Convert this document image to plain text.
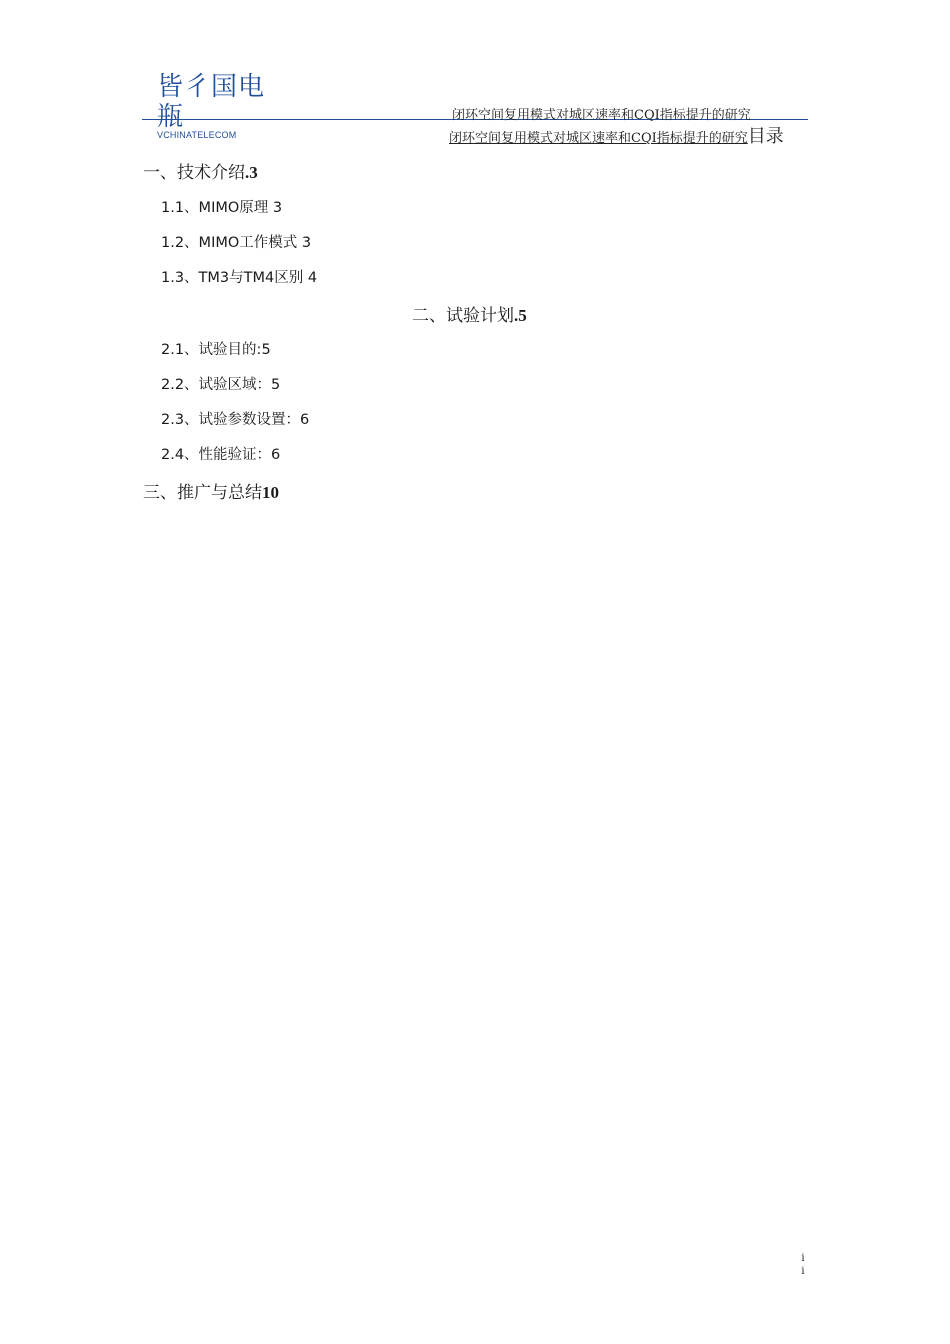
皆彳国电瓶
VCHINATELECOM
闭环空间复用模式对城区速率和CQI指标提升的研究
闭环空间复用模式对城区速率和CQI指标提升的研究目录
一、技术介绍.3
1.1、MIMO原理 3
1.2、MIMO工作模式 3
1.3、TM3与TM4区别 4
二、试验计划.5
2.1、试验目的:5
2.2、试验区域：5
2.3、试验参数设置：6
2.4、性能验证：6
三、推广与总结10
i
i
